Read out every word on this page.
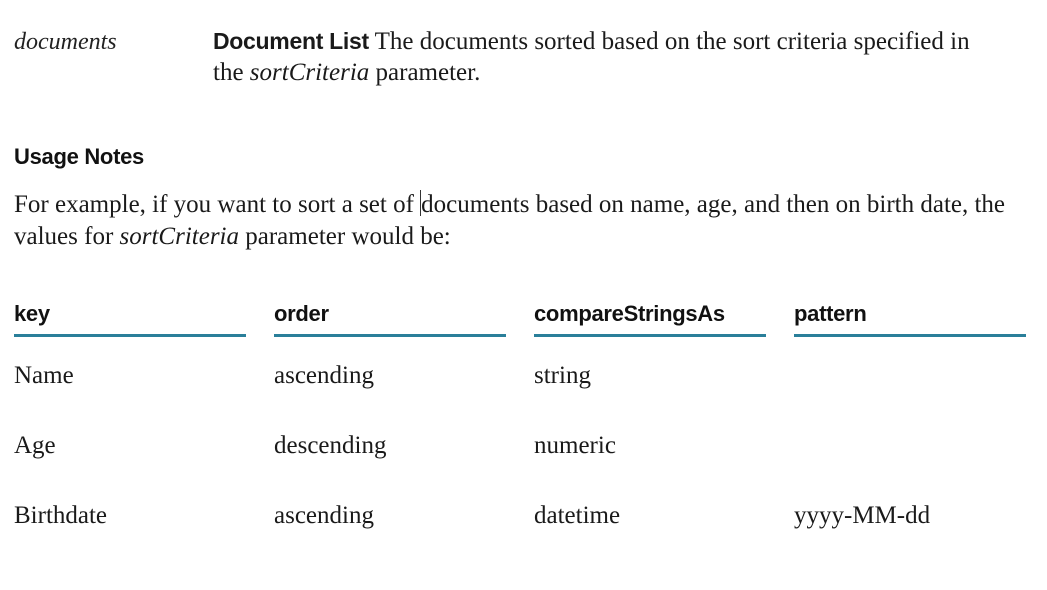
documents	Document List The documents sorted based on the sort criteria specified in the sortCriteria parameter.
Usage Notes
For example, if you want to sort a set of documents based on name, age, and then on birth date, the values for sortCriteria parameter would be:
key	order	compareStringsAs	pattern
Name	ascending	string
Age	descending	numeric
Birthdate	ascending	datetime	yyyy-MM-dd
